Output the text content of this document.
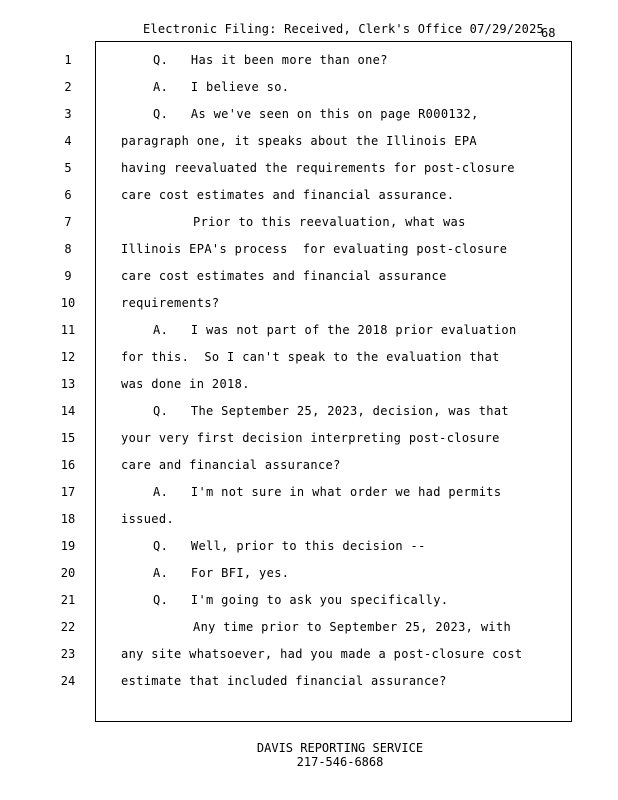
Electronic Filing: Received, Clerk's Office 07/29/2025
68
1	Q.   Has it been more than one?
2	A.   I believe so.
3	Q.   As we've seen on this on page R000132,
4	paragraph one, it speaks about the Illinois EPA
5	having reevaluated the requirements for post-closure
6	care cost estimates and financial assurance.
7	Prior to this reevaluation, what was
8	Illinois EPA's process  for evaluating post-closure
9	care cost estimates and financial assurance
10	requirements?
11	A.   I was not part of the 2018 prior evaluation
12	for this.  So I can't speak to the evaluation that
13	was done in 2018.
14	Q.   The September 25, 2023, decision, was that
15	your very first decision interpreting post-closure
16	care and financial assurance?
17	A.   I'm not sure in what order we had permits
18	issued.
19	Q.   Well, prior to this decision --
20	A.   For BFI, yes.
21	Q.   I'm going to ask you specifically.
22	Any time prior to September 25, 2023, with
23	any site whatsoever, had you made a post-closure cost
24	estimate that included financial assurance?
DAVIS REPORTING SERVICE
217-546-6868
